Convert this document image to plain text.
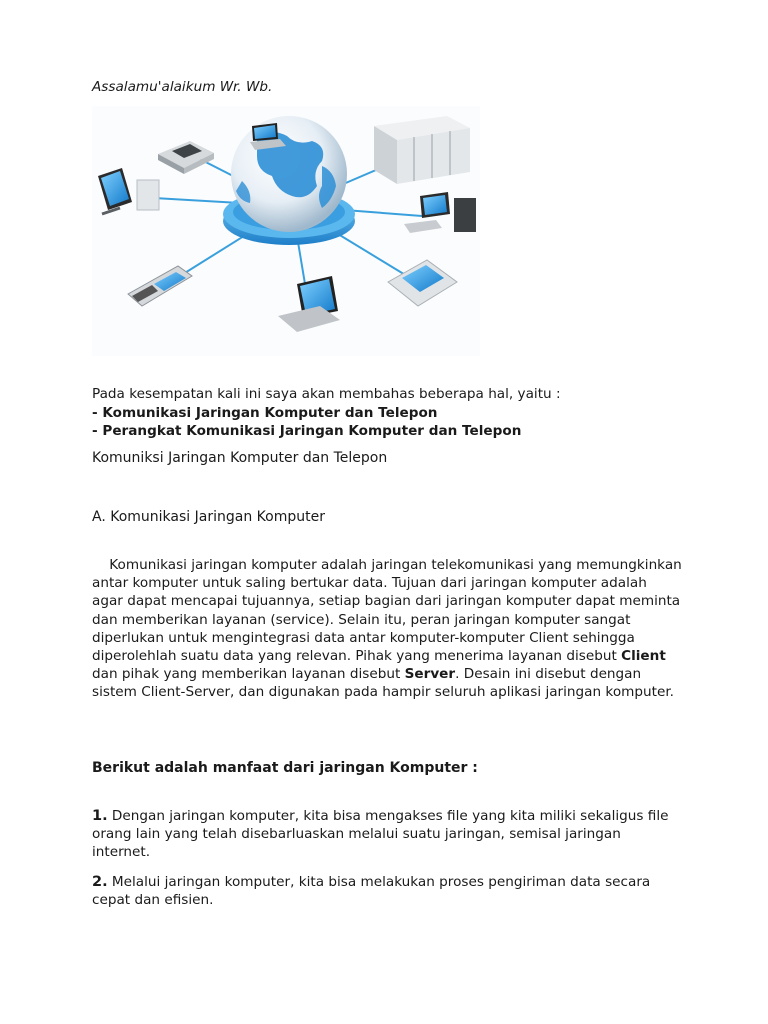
Assalamu'alaikum Wr. Wb.
Pada kesempatan kali ini saya akan membahas beberapa hal, yaitu :
- Komunikasi Jaringan Komputer dan Telepon
- Perangkat Komunikasi Jaringan Komputer dan Telepon
Komuniksi Jaringan Komputer dan Telepon
A. Komunikasi Jaringan Komputer
Komunikasi jaringan komputer adalah jaringan telekomunikasi yang memungkinkan antar komputer untuk saling bertukar data. Tujuan dari jaringan komputer adalah agar dapat mencapai tujuannya, setiap bagian dari jaringan komputer dapat meminta dan memberikan layanan (service). Selain itu, peran jaringan komputer sangat diperlukan untuk mengintegrasi data antar komputer-komputer Client sehingga diperolehlah suatu data yang relevan. Pihak yang menerima layanan disebut Client dan pihak yang memberikan layanan disebut Server. Desain ini disebut dengan sistem Client-Server, dan digunakan pada hampir seluruh aplikasi jaringan komputer.
Berikut adalah manfaat dari jaringan Komputer :
1. Dengan jaringan komputer, kita bisa mengakses file yang kita miliki sekaligus file orang lain yang telah disebarluaskan melalui suatu jaringan, semisal jaringan internet.
2. Melalui jaringan komputer, kita bisa melakukan proses pengiriman data secara cepat dan efisien.
